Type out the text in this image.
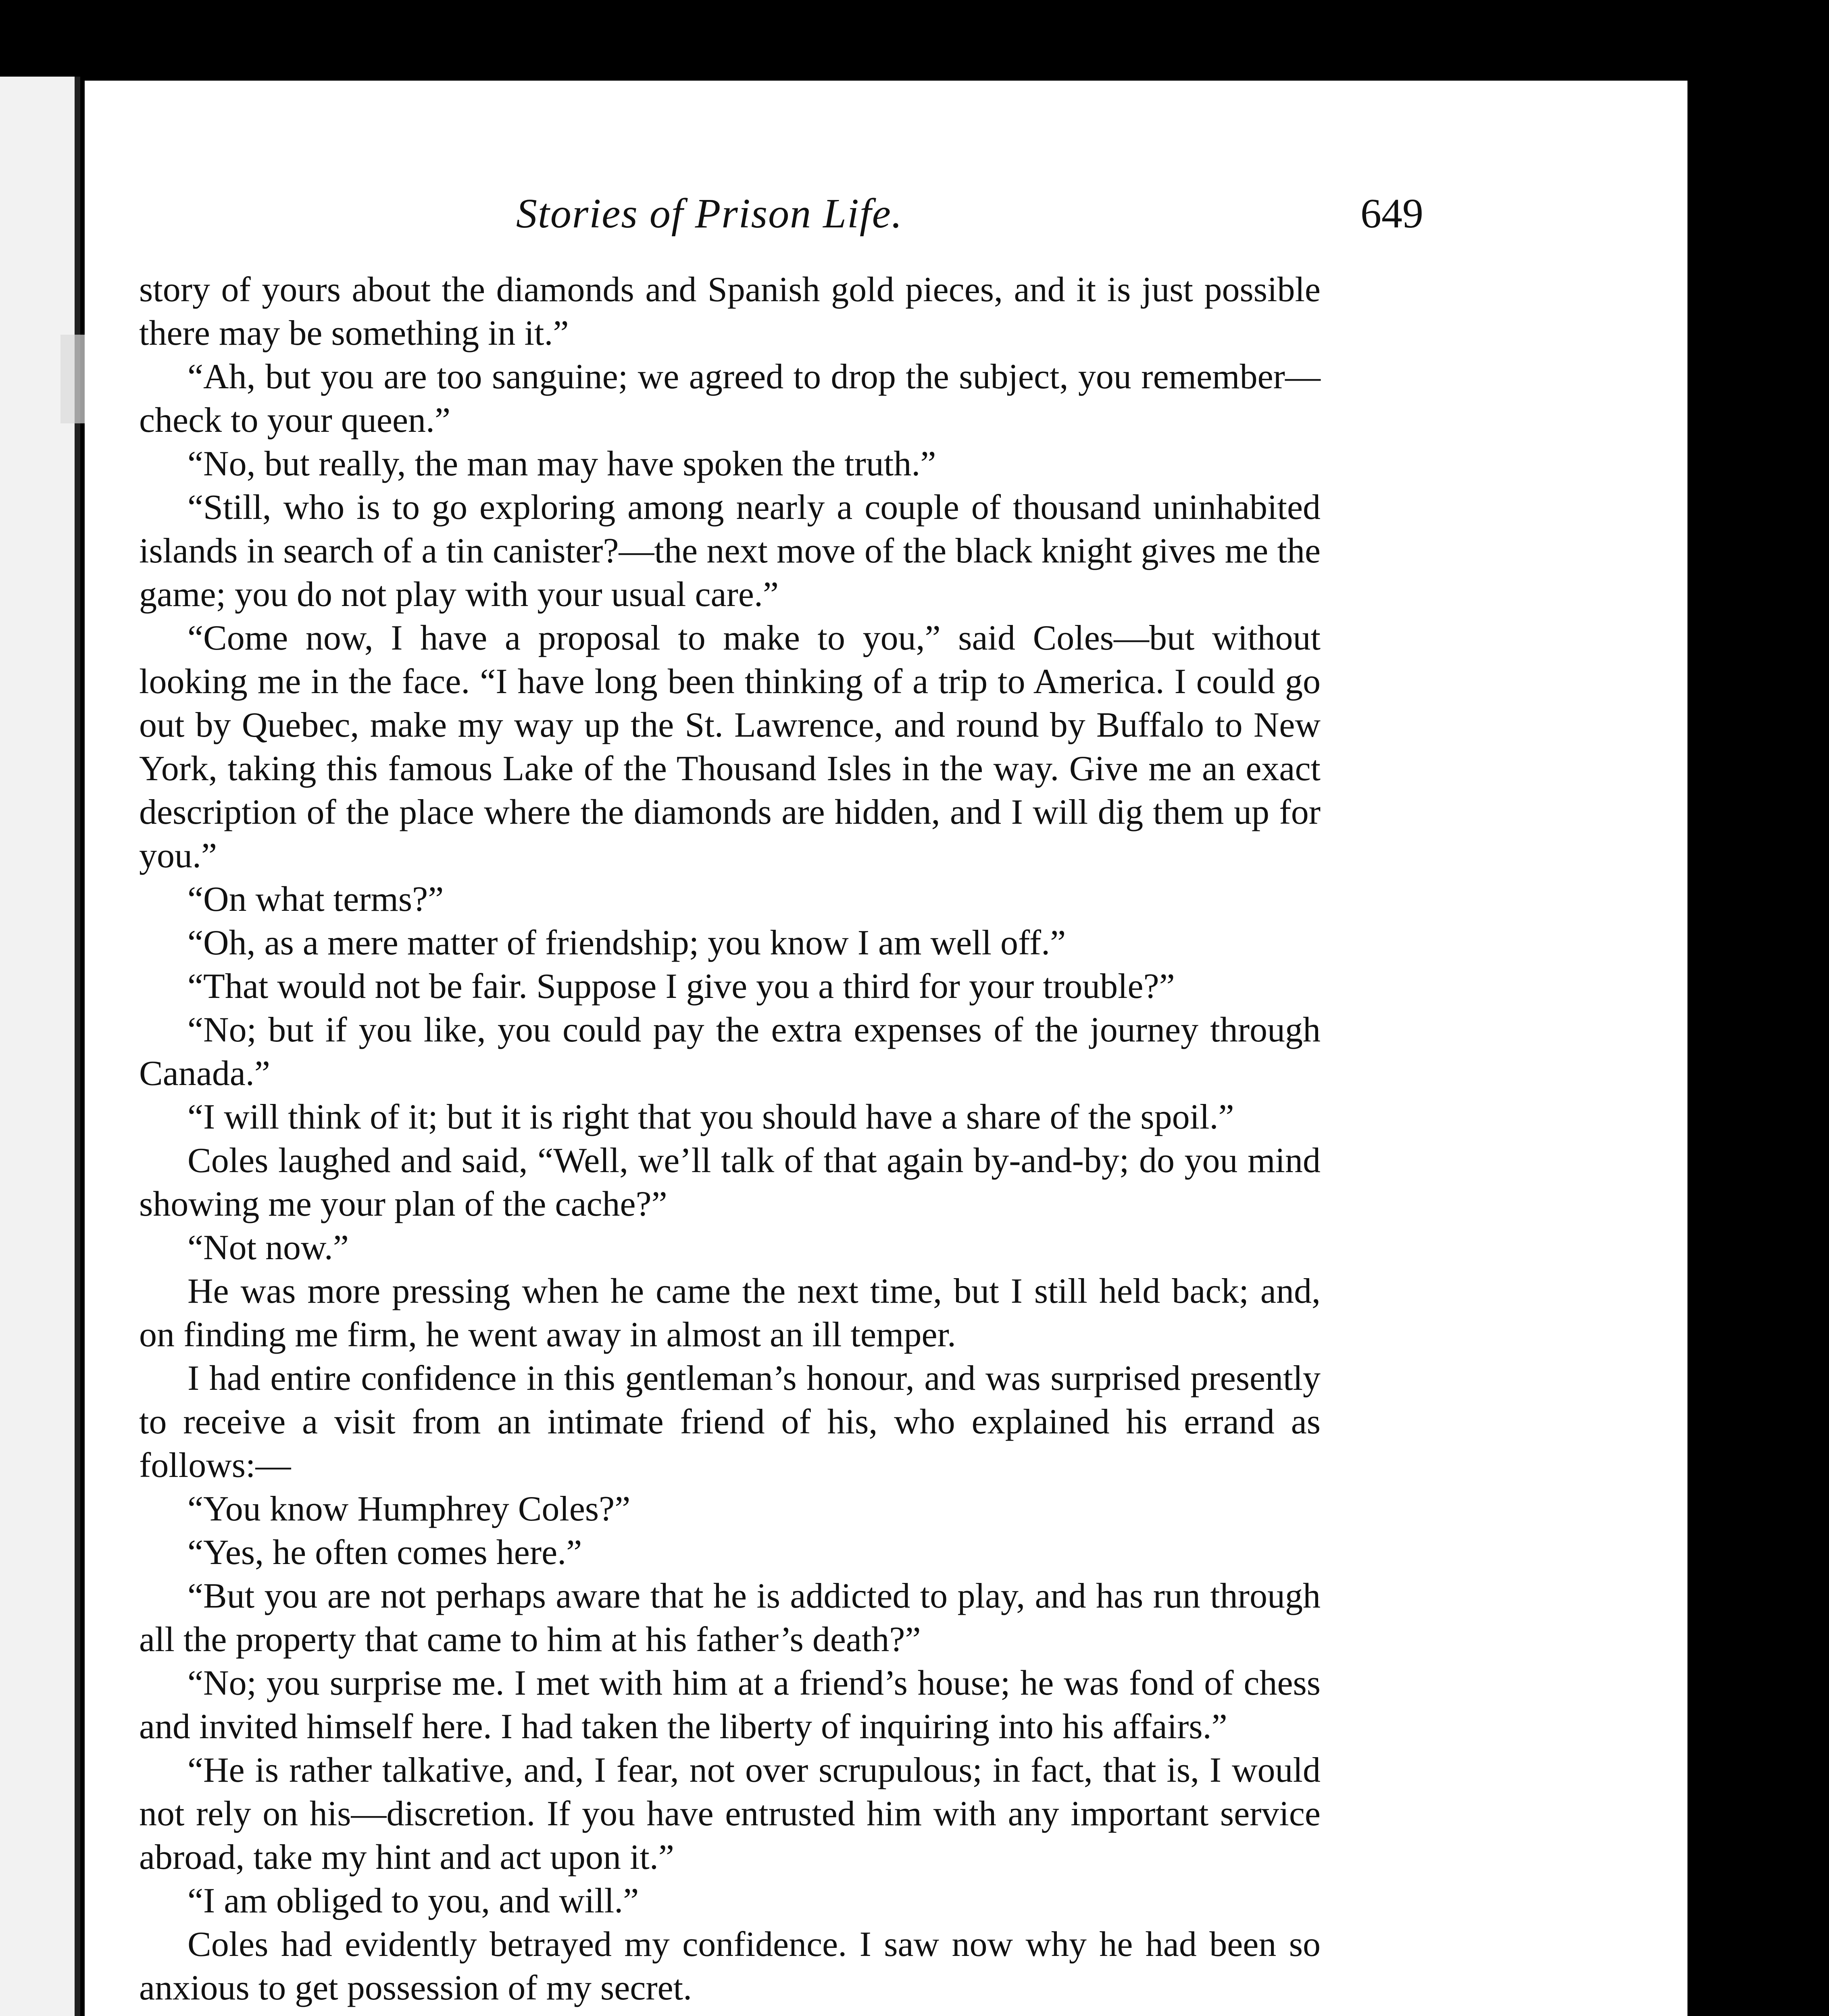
Stories of Prison Life.	649

story of yours about the diamonds and Spanish gold pieces, and it is just possible there may be something in it.”

“Ah, but you are too sanguine; we agreed to drop the subject, you remember—check to your queen.”

“No, but really, the man may have spoken the truth.”

“Still, who is to go exploring among nearly a couple of thousand uninhabited islands in search of a tin canister?—the next move of the black knight gives me the game; you do not play with your usual care.”

“Come now, I have a proposal to make to you,” said Coles—but without looking me in the face. “I have long been thinking of a trip to America. I could go out by Quebec, make my way up the St. Lawrence, and round by Buffalo to New York, taking this famous Lake of the Thousand Isles in the way. Give me an exact description of the place where the diamonds are hidden, and I will dig them up for you.”

“On what terms?”

“Oh, as a mere matter of friendship; you know I am well off.”

“That would not be fair. Suppose I give you a third for your trouble?”

“No; but if you like, you could pay the extra expenses of the journey through Canada.”

“I will think of it; but it is right that you should have a share of the spoil.”

Coles laughed and said, “Well, we’ll talk of that again by-and-by; do you mind showing me your plan of the cache?”

“Not now.”

He was more pressing when he came the next time, but I still held back; and, on finding me firm, he went away in almost an ill temper.

I had entire confidence in this gentleman’s honour, and was surprised presently to receive a visit from an intimate friend of his, who explained his errand as follows:—

“You know Humphrey Coles?”

“Yes, he often comes here.”

“But you are not perhaps aware that he is addicted to play, and has run through all the property that came to him at his father’s death?”

“No; you surprise me. I met with him at a friend’s house; he was fond of chess and invited himself here. I had taken the liberty of inquiring into his affairs.”

“He is rather talkative, and, I fear, not over scrupulous; in fact, that is, I would not rely on his—discretion. If you have entrusted him with any important service abroad, take my hint and act upon it.”

“I am obliged to you, and will.”

Coles had evidently betrayed my confidence. I saw now why he had been so anxious to get possession of my secret.
